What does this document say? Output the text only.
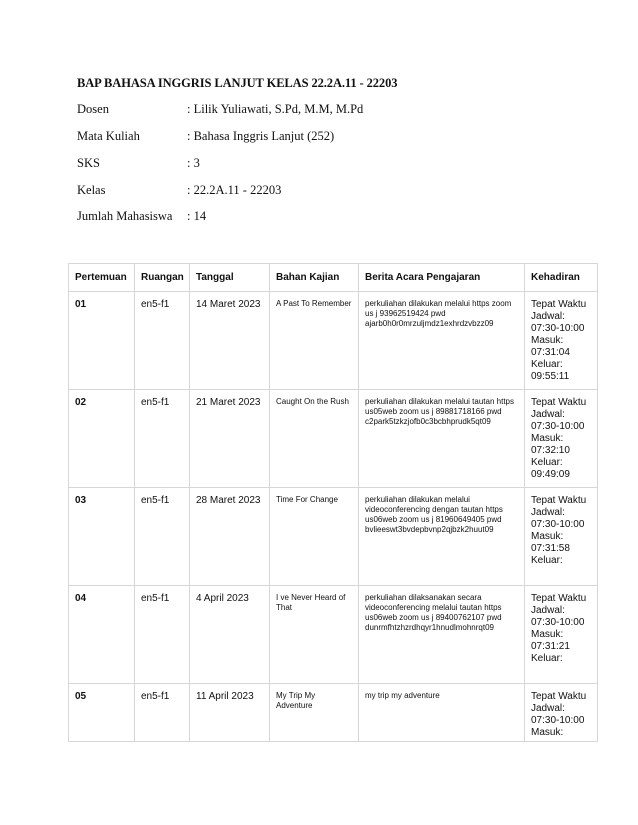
BAP BAHASA INGGRIS LANJUT KELAS 22.2A.11 - 22203
Dosen	: Lilik Yuliawati, S.Pd, M.M, M.Pd
Mata Kuliah	: Bahasa Inggris Lanjut (252)
SKS	: 3
Kelas	: 22.2A.11 - 22203
Jumlah Mahasiswa : 14
Pertemuan	Ruangan	Tanggal	Bahan Kajian	Berita Acara Pengajaran	Kehadiran
01	en5-f1	14 Maret 2023	A Past To Remember	perkuliahan dilakukan melalui https zoom us j 93962519424 pwd ajarb0h0r0mrzuljmdz1exhrdzvbzz09	Tepat Waktu Jadwal: 07:30-10:00 Masuk: 07:31:04 Keluar: 09:55:11
02	en5-f1	21 Maret 2023	Caught On the Rush	perkuliahan dilakukan melalui tautan https us05web zoom us j 89881718166 pwd c2park5tzkzjofb0c3bcbhprudk5qt09	Tepat Waktu Jadwal: 07:30-10:00 Masuk: 07:32:10 Keluar: 09:49:09
03	en5-f1	28 Maret 2023	Time For Change	perkuliahan dilakukan melalui videoconferencing dengan tautan https us06web zoom us j 81960649405 pwd bvlieeswt3bvdepbvnp2qjbzk2huut09	Tepat Waktu Jadwal: 07:30-10:00 Masuk: 07:31:58 Keluar:
04	en5-f1	4 April 2023	I ve Never Heard of That	perkuliahan dilaksanakan secara videoconferencing melalui tautan https us06web zoom us j 89400762107 pwd dunrmfhtzhzrdhqyr1hnudlmohnrqt09	Tepat Waktu Jadwal: 07:30-10:00 Masuk: 07:31:21 Keluar:
05	en5-f1	11 April 2023	My Trip My Adventure	my trip my adventure	Tepat Waktu Jadwal: 07:30-10:00 Masuk:
